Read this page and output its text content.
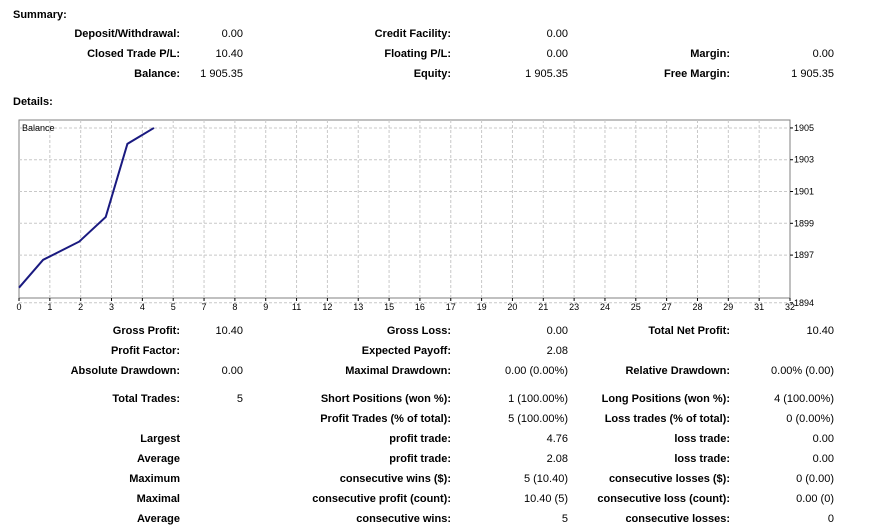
Summary:
Deposit/Withdrawal:	0.00	Credit Facility:	0.00
Closed Trade P/L:	10.40	Floating P/L:	0.00	Margin:	0.00
Balance: 1 905.35	Equity:	1 905.35	Free Margin:	1 905.35
Details:
0	1	2	3	4	5	7	8	9	11 12 13 15 16 17 19 20 21 23 24 25 27 28 29 31 32
1894
1897
1899
1901
1903
1905
Balance
Gross Profit:	10.40	Gross Loss:	0.00	Total Net Profit:	10.40
Profit Factor:	Expected Payoff:	2.08
Absolute Drawdown:	0.00	Maximal Drawdown:	0.00 (0.00%)	Relative Drawdown:	0.00% (0.00)
Total Trades:	5	Short Positions (won %):	1 (100.00%)	Long Positions (won %):	4 (100.00%)
Profit Trades (% of total):	5 (100.00%)	Loss trades (% of total):	0 (0.00%)
Largest	profit trade:	4.76	loss trade:	0.00
Average	profit trade:	2.08	loss trade:	0.00
Maximum	consecutive wins ($):	5 (10.40)	consecutive losses ($):	0 (0.00)
Maximal	consecutive profit (count):	10.40 (5)	consecutive loss (count):	0.00 (0)
Average	consecutive wins:	5	consecutive losses:	0
